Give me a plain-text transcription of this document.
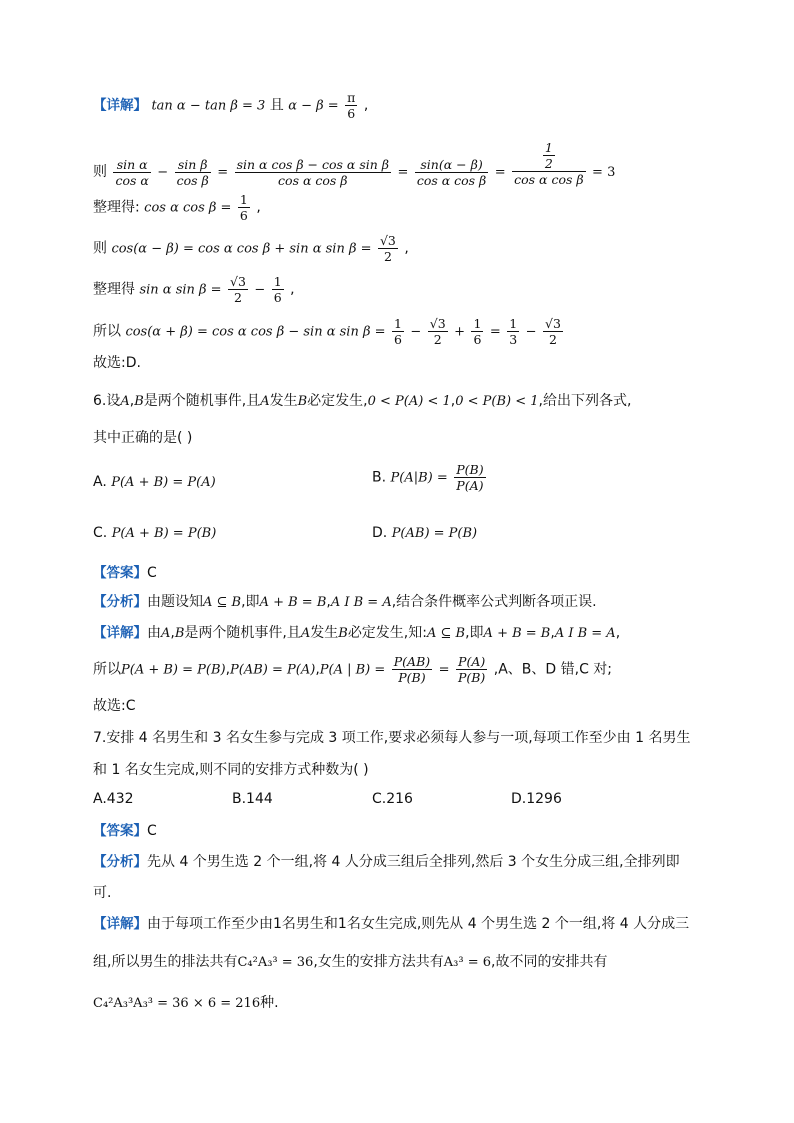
【详解】 tan α − tan β = 3 且 $\alpha - \beta = \frac{\pi}{6}$ ,
则 $\frac{\text{sin α}}{\text{cos α}} - \frac{\text{sin β}}{\text{cos β}} = \frac{\text{sin α cos β − cos α sin β}}{\text{cos α cos β}} = \frac{\sin(\alpha - \beta)}{\text{cos α cos β}} = \frac{\frac{1}{2}}{\text{cos α cos β}} = 3$
整理得: cos α $\cos \beta = \frac{1}{6}$ ,
则 cos(α − β) = cos α cos β + sin α $\sin \beta = \frac{√3}{2}$ ,
整理得 sin α $\sin \beta = \frac{√3}{2} - \frac{1}{6}$ ,
所以 cos(α + β) = cos α cos β − sin α $\sin \beta = \frac{1}{6} - \frac{√3}{2} + \frac{1}{6} = \frac{1}{3} - \frac{√3}{2}$
故选:D.
6.设A,B是两个随机事件,且A发生B必定发生,0 < P(A) < 1,0 < P(B) < 1,给出下列各式,
其中正确的是( )
A. P(A + B) = P(A)	B. $P(A|B) = \frac{P(B)}{P(A)}$
C. P(A + B) = P(B)	D. P(AB) = P(B)
【答案】C
【分析】由题设知A ⊆ B,即A + B = B,A I B = A,结合条件概率公式判断各项正误.
【详解】由A,B是两个随机事件,且A发生B必定发生,知:A ⊆ B,即A + B = B,A I B = A,
所以P(A + B) = P(B),P(AB) = P(A),P(A | $B) = \frac{P(AB)}{P(B)} = \frac{P(A)}{P(B)} ,A$、B、D 错,C 对;
故选:C
7.安排 4 名男生和 3 名女生参与完成 3 项工作,要求必须每人参与一项,每项工作至少由 1 名男生
和 1 名女生完成,则不同的安排方式种数为( )
A.432	B.144	C.216	D.1296
【答案】C
【分析】先从 4 个男生选 2 个一组,将 4 人分成三组后全排列,然后 3 个女生分成三组,全排列即
可.
【详解】由于每项工作至少由1名男生和1名女生完成,则先从 4 个男生选 2 个一组,将 4 人分成三
组,所以男生的排法共有C₄²A₃³ = 36,女生的安排方法共有A₃³ = 6,故不同的安排共有
C₄²A₃³A₃³ = 36 × 6 = 216种.
